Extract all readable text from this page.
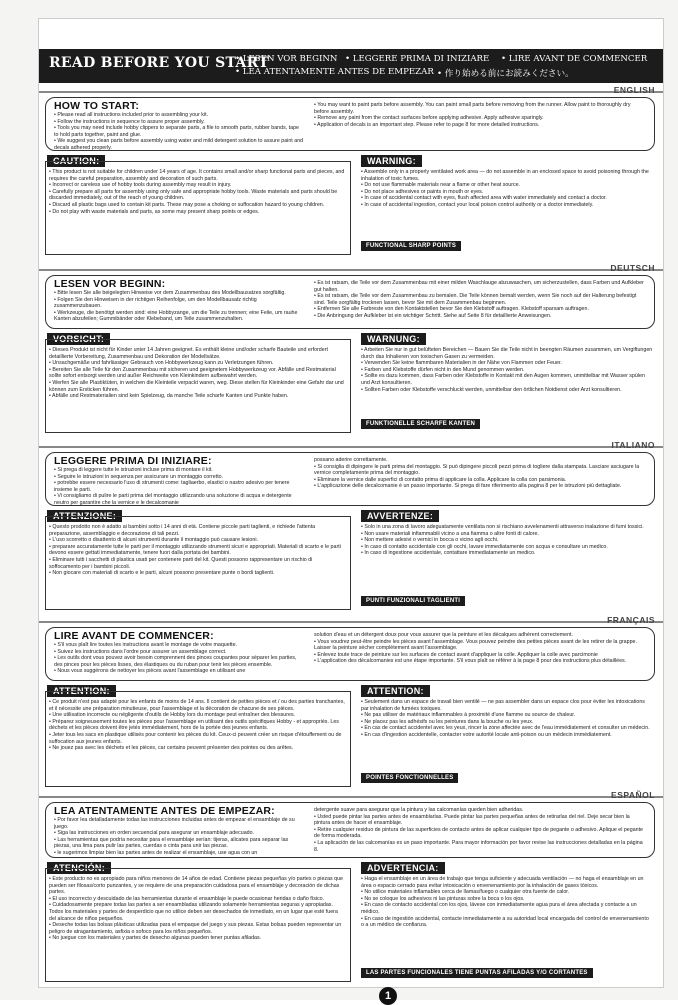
READ BEFORE YOU START
• LESEN VOR BEGINN • LEGGERE PRIMA DI INIZIARE • LIRE AVANT DE COMMENCER
• LEA ATENTAMENTE ANTES DE EMPEZAR • 作り始める前にお読みください。
ENGLISH
HOW TO START:
• Please read all instructions included prior to assembling your kit.
• Follow the instructions in sequence to assure proper assembly.
• Tools you may need include hobby clippers to separate parts, a file to smooth parts, rubber bands, tape to hold parts together, paint and glue.
• We suggest you clean parts before assembly using water and mild detergent solution to assure paint and decals adhered properly.
• You may want to paint parts before assembly. You can paint small parts before removing from the runner. Allow paint to thoroughly dry before assembly.
• Remove any paint from the contact surfaces before applying adhesive. Apply adhesive sparingly.
• Application of decals is an important step. Please refer to page 8 for more detailed instructions.
CAUTION:
• This product is not suitable for children under 14 years of age. It contains small and/or sharp functional parts and pieces, and requires the careful preparation, assembly and decoration of such parts.
• Incorrect or careless use of hobby tools during assembly may result in injury.
• Carefully prepare all parts for assembly using only safe and appropriate hobby tools. Waste materials and parts should be discarded immediately, out of the reach of young children.
• Discard all plastic bags used to contain kit parts. These may pose a choking or suffocation hazard to young children.
• Do not play with waste materials and parts, as some may present sharp points or edges.
WARNING:
• Assemble only in a properly ventilated work area — do not assemble in an enclosed space to avoid poisoning through the inhalation of toxic fumes.
• Do not use flammable materials near a flame or other heat source.
• Do not place adhesives or paints in mouth or eyes.
• In case of accidental contact with eyes, flush affected area with water immediately and contact a doctor.
• In case of accidental ingestion, contact your local poison control authority or a doctor immediately.
FUNCTIONAL SHARP POINTS
DEUTSCH
LESEN VOR BEGINN:
• Bitte lesen Sie alle beigelegten Hinweise vor dem Zusammenbau des Modellbausatzes sorgfältig.
• Folgen Sie den Hinweisen in der richtigen Reihenfolge, um den Modellbausatz richtig zusammenzubauen.
• Werkzeuge, die benötigt werden sind: eine Hobbyzange, um die Teile zu trennen; eine Feile, um rauhe Kanten abzufeilen; Gummibänder oder Klebeband, um Teile zusammenzuhalten.
• Es ist ratsam, die Teile vor dem Zusammenbau mit einer milden Waschlauge abzuwaschen, um sicherzustellen, dass Farben und Aufkleber gut halten.
• Es ist ratsam, die Teile vor dem Zusammenbau zu bemalen. Die Teile können bemalt werden, wenn Sie noch auf der Halterung befestigt sind. Teile sorgfältig trocknen lassen, bevor Sie mit dem Zusammenbau beginnen.
• Entfernen Sie alle Farbreste von den Kontaktstellen bevor Sie den Klebstoff auftragen. Klebstoff sparsam auftragen.
• Die Anbringung der Aufkleber ist ein wichtiger Schritt. Siehe auf Seite 8 für detaillierte Anweisungen.
VORSICHT:
• Dieses Produkt ist nicht für Kinder unter 14 Jahren geeignet. Es enthält kleine und/oder scharfe Bauteile und erfordert detaillierte Vorbereitung, Zusammenbau und Dekoration der Modellsätze.
• Unsachgemäße und fahrlässiger Gebrauch von Hobbywerkzeug kann zu Verletzungen führen.
• Bereiten Sie alle Teile für den Zusammenbau mit sicheren und geeignetem Hobbywerkzeug vor. Abfälle und Restmaterial sollte sofort entsorgt werden und außer Reichweite von Kleinkindern aufbewahrt werden.
• Werfen Sie alle Plastiktüten, in welchen die Kleinteile verpackt waren, weg. Diese stellen für Kleinkinder eine Gefahr dar und können zum Ersticken führen.
• Abfälle und Restmaterialien sind kein Spielzeug, da manche Teile scharfe Kanten und Punkte haben.
WARNUNG:
• Arbeiten Sie nur in gut belüfteten Bereichen — Bauen Sie die Teile nicht in beengten Räumen zusammen, um Vergiftungen durch das Inhalieren von toxischen Gasen zu vermeiden.
• Verwenden Sie keine flammbaren Materialien in der Nähe von Flammen oder Feuer.
• Farben und Klebstoffe dürfen nicht in den Mund genommen werden.
• Sollte es dazu kommen, dass Farben oder Klebstoffe in Kontakt mit den Augen kommen, unmittelbar mit Wasser spülen und Arzt konsultieren.
• Sollten Farben oder Klebstoffe verschluckt werden, unmittelbar den örtlichen Notdienst oder Arzt konsultieren.
FUNKTIONELLE SCHARFE KANTEN
ITALIANO
LEGGERE PRIMA DI INIZIARE:
• Si prega di leggere tutte le istruzioni incluse prima di montare il kit.
• Seguire le istruzioni in sequenza per assicurare un montaggio corretto.
• potrebbe essere necessario l'uso di strumenti come: tagliaerbo, elastici o nastro adesivo per tenere insieme le parti.
• Vi consigliamo di pulire le parti prima del montaggio utilizzando una soluzione di acqua e detergente neutro per garantire che la vernice e le decalcomanie
possano aderire correttamente.
• Si consiglia di dipingere le parti prima del montaggio. Si può dipingere piccoli pezzi prima di togliere dalla stampata. Lasciare asciugare la vernice completamente prima del montaggio.
• Eliminare la vernice dalle superfici di contatto prima di applicare la colla. Applicare la colla con parsimonia.
• L'applicazione delle decalcomanie è un passo importante. Si prega di fare riferimento alla pagina 8 per le istruzioni più dettagliate.
ATTENZIONE:
• Questo prodotto non è adatto ai bambini sotto i 14 anni di età. Contiene piccole parti taglienti, e richiede l'attenta preparazione, assemblaggio e decorazione di tali pezzi.
• L'uso scorretto o disattento di alcuni strumenti durante il montaggio può causare lesioni.
• preparare accuratamente tutte le parti per il montaggio utilizzando strumenti sicuri e appropriati. Materiali di scarto e le parti devono essere gettati immediatamente, tenere fuori dalla portata dei bambini.
• Eliminare tutti i sacchetti di plastica usati per contenere parti del kit. Questi possono rappresentare un rischio di soffocamento per i bambini piccoli.
• Non giocare con materiali di scarto e le parti, alcuni possono presentare punte o bordi taglienti.
AVVERTENZE:
• Solo in una zona di lavoro adeguatamente ventilata non si rischiano avvelenamenti attraverso inalazione di fumi tossici.
• Non usare materiali infiammabili vicino a una fiamma o altre fonti di calore.
• Non mettere adesivi o vernici in bocca o vicino agli occhi.
• In caso di contatto accidentale con gli occhi, lavare immediatamente con acqua e consultare un medico.
• In caso di ingestione accidentale, contattare immediatamente un medico.
PUNTI FUNZIONALI TAGLIENTI
FRANÇAIS
LIRE AVANT DE COMMENCER:
• S'il vous plaît lire toutes les instructions avant le montage de votre maquette.
• Suivez les instructions dans l'ordre pour assurer un assemblage correct.
• Les outils dont vous pouvez avoir besoin comprennent des pinces coupantes pour séparer les parties, des pinces pour les pièces lisses, des élastiques ou du ruban pour tenir les pièces ensemble.
• Nous vous suggérons de nettoyer les pièces avant l'assemblage en utilisant une
solution d'eau et un détergent doux pour vous assurer que la peinture et les décalques adhèrent correctement.
• Vous voudrez peut-être peindre les pièces avant l'assemblage. Vous pouvez peindre des petites pièces avant de les retirer de la grappe. Laisser la peinture sécher complètement avant l'assemblage.
• Enlevez toute trace de peinture sur les surfaces de contact avant d'appliquer la colle. Appliquer la colle avec parcimonie
• L'application des décalcomanies est une étape importante. S'il vous plaît se référer à la page 8 pour des instructions plus détaillées.
ATTENTION:
• Ce produit n'est pas adapté pour les enfants de moins de 14 ans. Il contient de petites pièces et / ou des parties tranchantes, et il nécessite une préparation minutieuse, pour l'assemblage et la décoration de chacune de ses pièces.
• Une utilisation incorrecte ou négligente d'outils de Hobby lors du montage peut entraîner des blessures.
• Préparez soigneusement toutes les pièces pour l'assemblage en utilisant des outils spécifiques Hobby - et appropriés. Les déchets et les pièces doivent être jetés immédiatement, hors de la portée des jeunes enfants.
• Jeter tous les sacs en plastique utilisés pour contenir les pièces du kit. Ceux-ci peuvent créer un risque d'étouffement ou de suffocation aux jeunes enfants.
• Ne jouez pas avec les déchets et les pièces, car certains peuvent présenter des pointes ou des arêtes.
ATTENTION:
• Seulement dans un espace de travail bien ventilé — ne pas assembler dans un espace clos pour éviter les intoxications par inhalation de fumées toxiques.
• Ne pas utiliser de matériaux inflammables à proximité d'une flamme ou source de chaleur.
• Ne placez pas les adhésifs ou les peintures dans la bouche ou les yeux.
• En cas de contact accidentel avec les yeux, rincer la zone affectée avec de l'eau immédiatement et consulter un médecin.
• En cas d'ingestion accidentelle, contacter votre autorité locale anti-poison ou un médecin immédiatement.
POINTES FONCTIONNELLES
ESPAÑOL
LEA ATENTAMENTE ANTES DE EMPEZAR:
• Por favor lea detalladamente todas las instrucciones incluidas antes de empezar el ensamblaje de su juego.
• Siga las instrucciones en orden secuencial para asegurar un ensamblaje adecuado.
• Las herramientas que podría necesitar para el ensamblaje serían: tijeras, alicates para separar las piezas, una lima para pulir las partes, cuerdas o cinta para unir las piezas.
• le sugerimos limpiar bien las partes antes de realizar el ensamblaje, use agua con un
detergente suave para asegurar que la pintura y las calcomanías queden bien adheridas.
• Usted puede pintar las partes antes de ensamblarlas. Puede pintar las partes pequeñas antes de retirarlas del riel. Deje secar bien la pintura antes de hacer el ensamblaje.
• Retire cualquier residuo de pintura de las superficies de contacto antes de aplicar cualquier tipo de pegante o adhesivo. Aplique el pegante de forma moderada.
• La aplicación de las calcomanías es un paso importante. Para mayor información por favor revise las instrucciones detalladas en la página 8.
ATENCIÓN:
• Este producto no es apropiado para niños menores de 14 años de edad. Contiene piezas pequeñas y/o partes o piezas que pueden ser filosas/corto punzantes, y se requiere de una preparación cuidadosa para el ensamblaje y decoración de dichas partes.
• El uso incorrecto y descuidado de las herramientas durante el ensamblaje le puede ocasionar heridas o daño físico.
• Cuidadosamente prepare todas las partes a ser ensambladas utilizando solamente herramientas seguras y apropiadas. Todos los materiales y partes de desperdicio que no utilice deben ser desechados de inmediato, en un lugar que esté fuera del alcance de niños pequeños.
• Deseche todas las bolsas plásticas utilizadas para el empaque del juego y sus piezas. Estas bolsas pueden representar un peligro de atragantamiento, asfixia o sofoco para los niños pequeños.
• No juegue con los materiales y partes de desecho algunas pueden tener puntas afiladas.
ADVERTENCIA:
• Haga el ensamblaje en un área de trabajo que tenga suficiente y adecuada ventilación — no haga el ensamblaje en un área o espacio cerrado para evitar intoxicación o envenenamiento por la inhalación de gases tóxicos.
• No utilice materiales inflamables cerca de llamas/fuego o cualquier otra fuente de calor.
• No se coloque los adhesivos ni las pinturas sobre la boca o los ojos.
• En caso de contacto accidental con los ojos, lávese con inmediatamente agua pura el área afectada y contacte a un médico.
• En caso de ingestión accidental, contacte inmediatamente a su autoridad local encargada del control de envenenamiento o a un médico de confianza.
LAS PARTES FUNCIONALES TIENE PUNTAS AFILADAS Y/O CORTANTES
1
